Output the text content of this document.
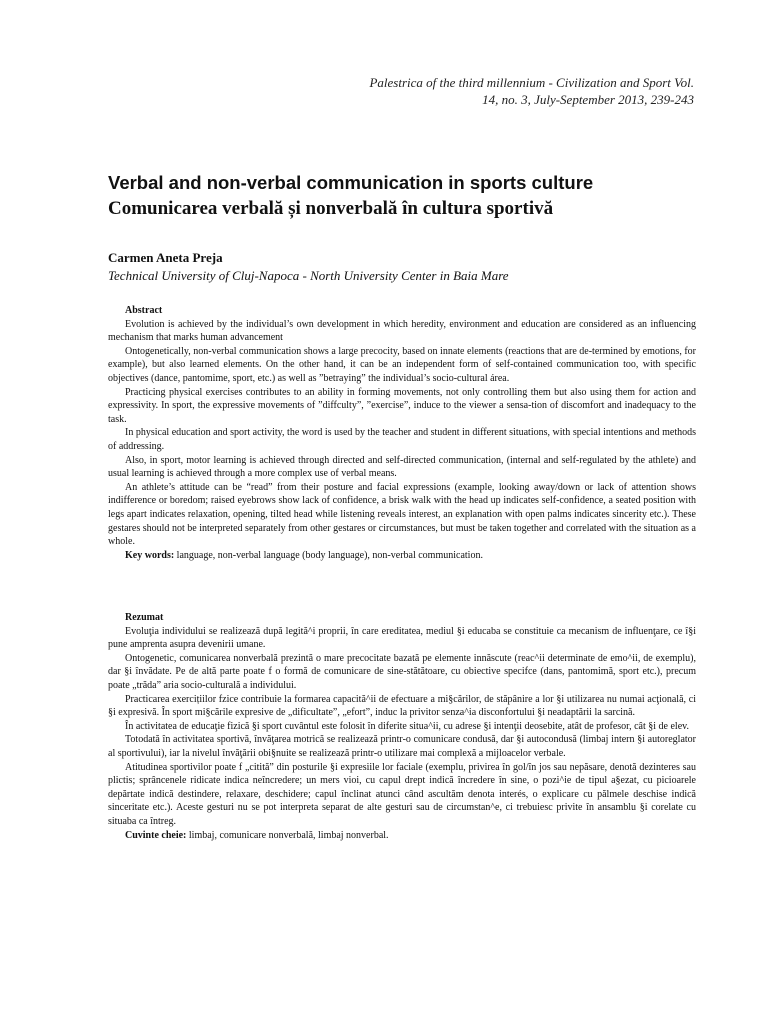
Palestrica of the third millennium - Civilization and Sport Vol.
14, no. 3, July-September 2013, 239-243
Verbal and non-verbal communication in sports culture
Comunicarea verbală și nonverbală în cultura sportivă
Carmen Aneta Preja
Technical University of Cluj-Napoca - North University Center in Baia Mare

Abstract

Evolution is achieved by the individual’s own development in which heredity, environment and education are considered as an influencing mechanism that marks human advancement

Ontogenetically, non-verbal communication shows a large precocity, based on innate elements (reactions that are de-termined by emotions, for example), but also learned elements. On the other hand, it can be an independent form of self-contained communication too, with specific objectives (dance, pantomime, sport, etc.) as well as ”betraying” the individual’s socio-cultural área.

Practicing physical exercises contributes to an ability in forming movements, not only controlling them but also using them for action and expressivity. In sport, the expressive movements of ”diffculty”, ”exercise”, induce to the viewer a sensa-tion of discomfort and inadequacy to the task.

In physical education and sport activity, the word is used by the teacher and student in different situations, with special intentions and methods of addressing.

Also, in sport, motor learning is achieved through directed and self-directed communication, (internal and self-regulated by the athlete) and usual learning is achieved through a more complex use of verbal means.

An athlete’s attitude can be “read” from their posture and facial expressions (example, looking away/down or lack of attention shows indifference or boredom; raised eyebrows show lack of confidence, a brisk walk with the head up indicates self-confidence, a seated position with legs apart indicates relaxation, opening, tilted head while listening reveals interest, an explanation with open palms indicates sincerity etc.). These gestares should not be interpreted separately from other gestares or circumstances, but must be taken together and correlated with the situation as a whole.

Key words: language, non-verbal language (body language), non-verbal communication.

Rezumat

Evoluţia individului se realizează după legită^i proprii, în care ereditatea, mediul §i educaba se constituie ca mecanism de influenţare, ce î§i pune amprenta asupra devenirii umane.

Ontogenetic, comunicarea nonverbală prezintă o mare precocitate bazată pe elemente innăscute (reac^ii determinate de emo^ii, de exemplu), dar §i învădate. Pe de altă parte poate f o formă de comunicare de sine-stătătoare, cu obiective specifce (dans, pantomimă, sport etc.), precum poate „trăda” aria socio-culturală a individului.

Practicarea exercițiilor fzice contribuie la formarea capacită^ii de efectuare a mi§cărilor, de stăpânire a lor §i utilizarea nu numai acţională, ci §i expresivă. În sport mi§cările expresive de „dificultate”, „efort”, induc la privitor senza^ia disconfortului §i neadaptării la sarcină.

În activitatea de educaţie fizică §i sport cuvântul este folosit în diferite situa^ii, cu adrese §i intenţii deosebite, atât de profesor, cât §i de elev.

Totodată în activitatea sportivă, învăţarea motrică se realizează printr-o comunicare condusă, dar §i autocondusă (limbaj intern §i autoreglator al sportivului), iar la nivelul învăţării obi§nuite se realizează printr-o utilizare mai complexă a mijloacelor verbale.

Atitudinea sportivilor poate f „citită” din posturile §i expresiile lor faciale (exemplu, privirea în gol/în jos sau nepăsare, denotă dezinteres sau plictis; sprâncenele ridicate indica neîncredere; un mers vioi, cu capul drept indică încredere în sine, o pozi^ie de tipul a§ezat, cu picioarele depărtate indică destindere, relaxare, deschidere; capul înclinat atunci când ascultăm denota interés, o explicare cu pălmele deschise indică sinceritate etc.). Aceste gesturi nu se pot interpreta separat de alte gesturi sau de circumstan^e, ci trebuiesc privite în ansamblu §i corelate cu situaba ca întreg.

Cuvinte cheie: limbaj, comunicare nonverbală, limbaj nonverbal.
